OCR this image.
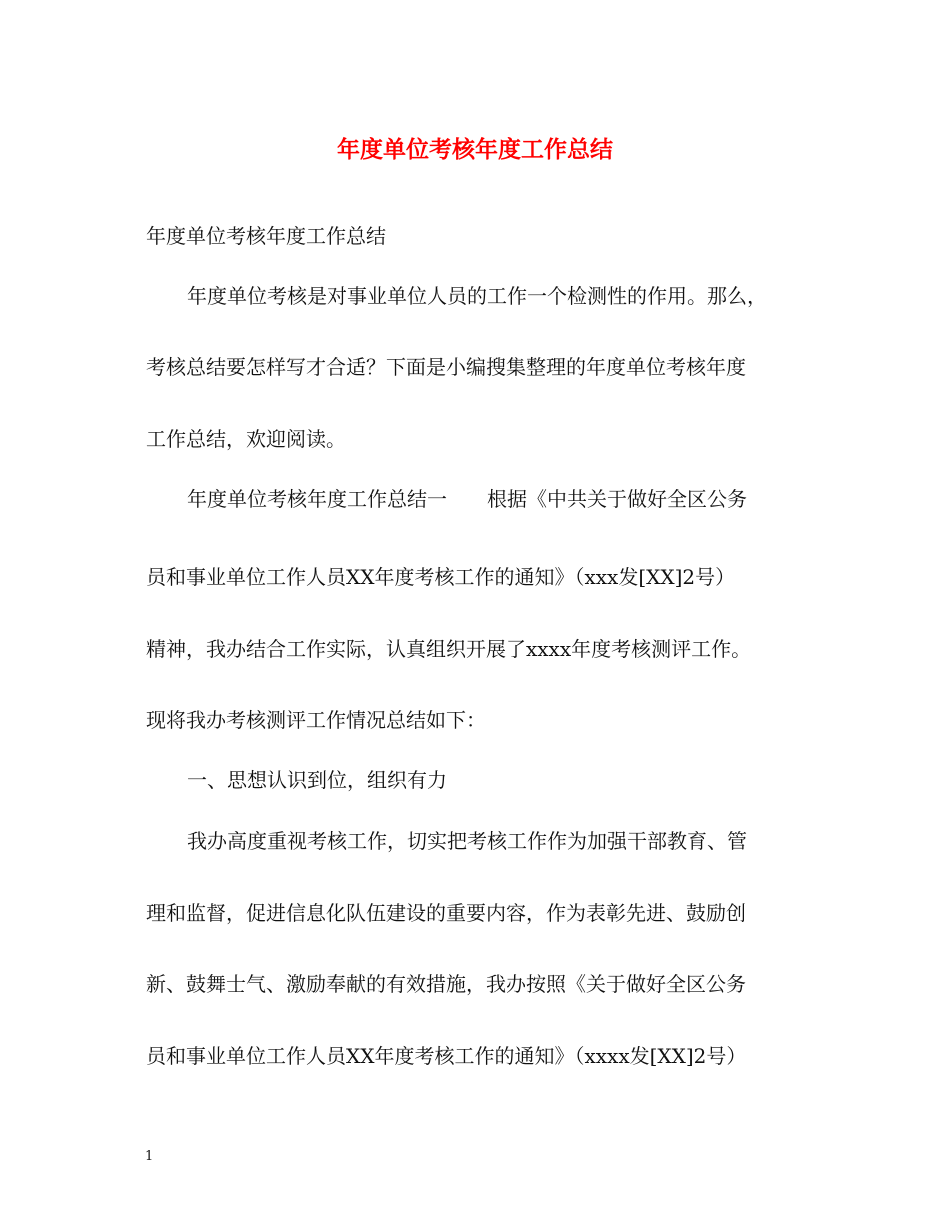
年度单位考核年度工作总结
年度单位考核年度工作总结
年度单位考核是对事业单位人员的工作一个检测性的作用。那么，
考核总结要怎样写才合适？下面是小编搜集整理的年度单位考核年度
工作总结，欢迎阅读。
年度单位考核年度工作总结一　　根据《中共关于做好全区公务
员和事业单位工作人员XX年度考核工作的通知》（xxx发[XX]2号）
精神，我办结合工作实际，认真组织开展了xxxx年度考核测评工作。
现将我办考核测评工作情况总结如下：
一、思想认识到位，组织有力
我办高度重视考核工作，切实把考核工作作为加强干部教育、管
理和监督，促进信息化队伍建设的重要内容，作为表彰先进、鼓励创
新、鼓舞士气、激励奉献的有效措施，我办按照《关于做好全区公务
员和事业单位工作人员XX年度考核工作的通知》（xxxx发[XX]2号）
1
